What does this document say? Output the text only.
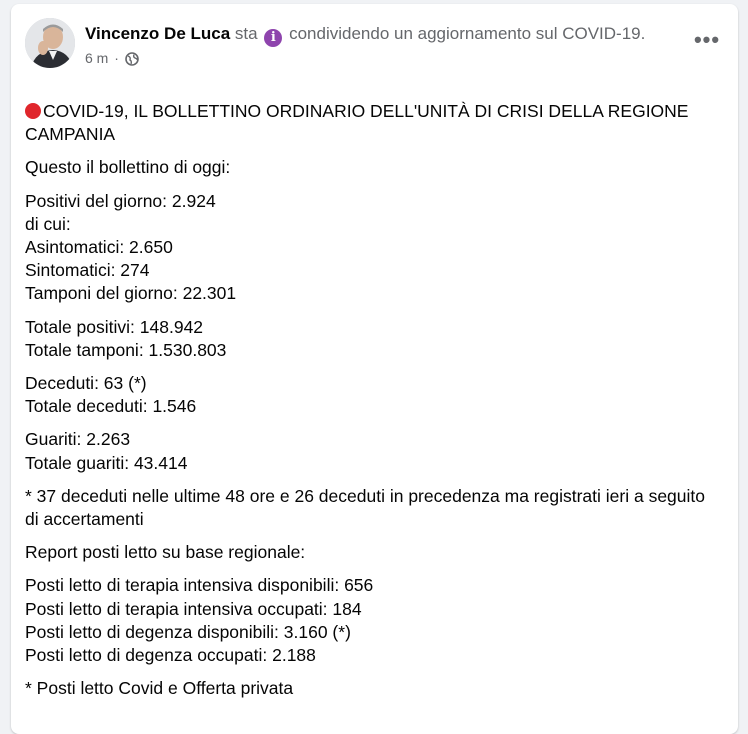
Vincenzo De Luca sta i condividendo un aggiornamento sul COVID-19.
6 m ·
•••
COVID-19, IL BOLLETTINO ORDINARIO DELL'UNITÀ DI CRISI DELLA REGIONE CAMPANIA
Questo il bollettino di oggi:
Positivi del giorno: 2.924
di cui:
Asintomatici: 2.650
Sintomatici: 274
Tamponi del giorno: 22.301
Totale positivi: 148.942
Totale tamponi: 1.530.803
Deceduti: 63 (*)
Totale deceduti: 1.546
Guariti: 2.263
Totale guariti: 43.414
* 37 deceduti nelle ultime 48 ore e 26 deceduti in precedenza ma registrati ieri a seguito di accertamenti
Report posti letto su base regionale:
Posti letto di terapia intensiva disponibili: 656
Posti letto di terapia intensiva occupati: 184
Posti letto di degenza disponibili: 3.160 (*)
Posti letto di degenza occupati: 2.188
* Posti letto Covid e Offerta privata
